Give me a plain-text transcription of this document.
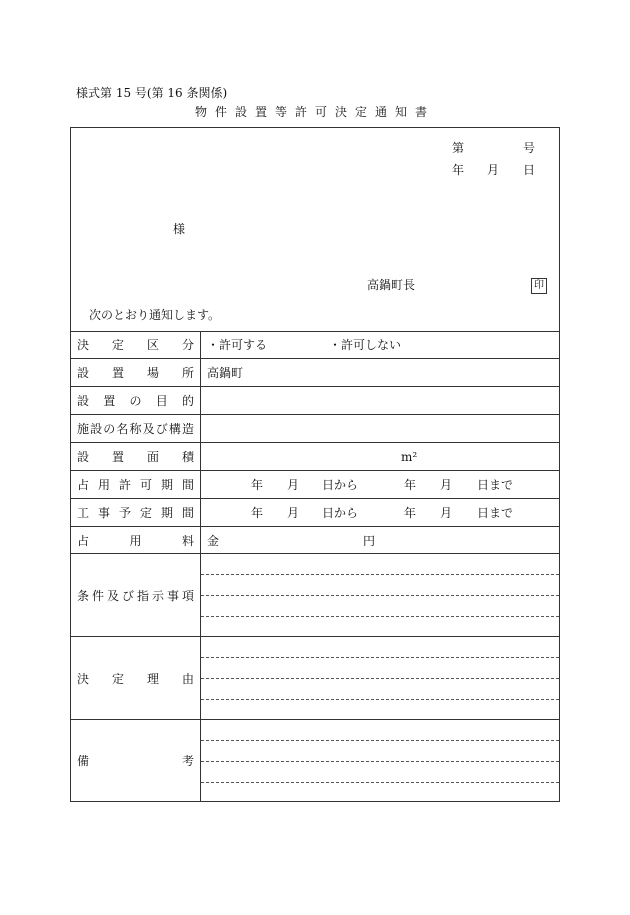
様式第 15 号(第 16 条関係)
物件設置等許可決定通知書
第	号
年 月 日
様
高鍋町長	印
次のとおり通知します。
決定区分 ・許可する	・許可しない
設置場所 高鍋町
設置の目的
施設の名称及び構造
設置面積	m²
占用許可期間	年 月 日から	年 月 日まで
工事予定期間	年 月 日から	年 月 日まで
占用料 金	円
条件及び指示事項
決定理由
備考
